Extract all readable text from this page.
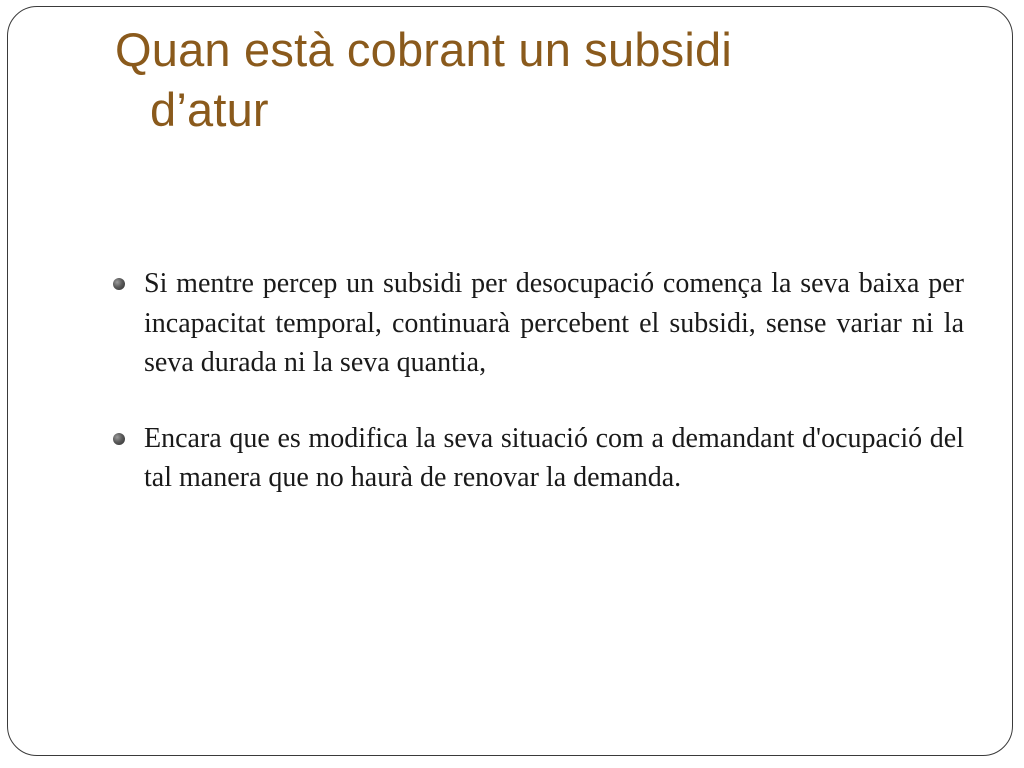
Quan està cobrant un subsidi
d’atur
Si mentre percep un subsidi per desocupació comença la seva baixa per incapacitat temporal, continuarà percebent el subsidi, sense variar ni la seva durada ni la seva quantia,
Encara que es modifica la seva situació com a demandant d'ocupació del tal manera que no haurà de renovar la demanda.
